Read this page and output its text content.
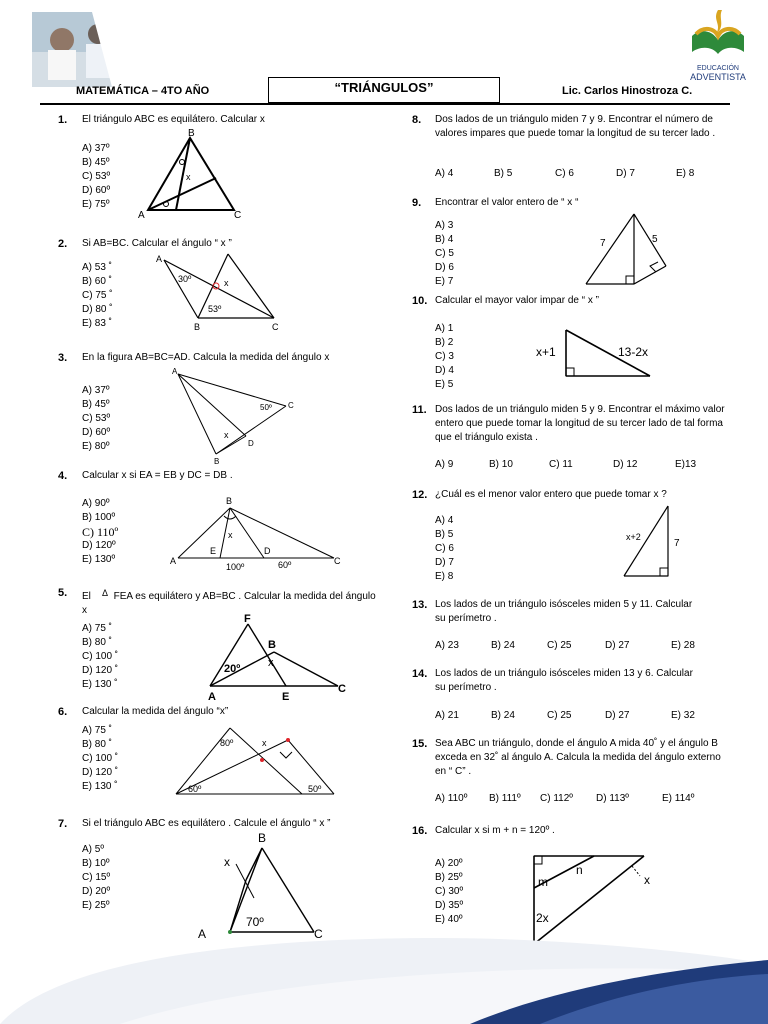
EDUCACIÓN
ADVENTISTA
MATEMÁTICA – 4TO AÑO	“TRIÁNGULOS”	Lic. Carlos Hinostroza C.
1. El triángulo ABC es equilátero. Calcular x
A) 37º
B) 45º
C) 53º
D) 60º
E) 75º
B
A	C
x
2. Si AB=BC. Calcular el ángulo “ x ”
A) 53 ˚
B) 60 ˚
C) 75 ˚
D) 80 ˚
E) 83 ˚
A
B	C
30º
53º
x
3. En la figura AB=BC=AD. Calcula la medida del ángulo x
A) 37º
B) 45º
C) 53º
D) 60º
E) 80º
A
B
C
D
50º
x
4. Calcular x si EA = EB y DC = DB .
A) 90º
B) 100º
C) 110º
D) 120º
E) 130º
B
A	C
D
E
100º	60º
x
5. El Δ FEA es equilátero y AB=BC . Calcular la medida del ángulo x
A) 75 ˚
B) 80 ˚
C) 100 ˚
D) 120 ˚
E) 130 ˚
F
B
A	E
C
20º	x
6. Calcular la medida del ángulo “x”
A) 75 ˚
B) 80 ˚
C) 100 ˚
D) 120 ˚
E) 130 ˚
80º
60º	50º
x
7. Si el triángulo ABC es equilátero . Calcule el ángulo “ x ”
A) 5º
B) 10º
C) 15º
D) 20º
E) 25º
B
A	C
70º
x
8. Dos lados de un triángulo miden 7 y 9. Encontrar el número de valores impares que puede tomar la longitud de su tercer lado .
A) 4	B) 5	C) 6	D) 7	E) 8
9. Encontrar el valor entero de “ x “
A) 3
B) 4
C) 5
D) 6
E) 7
7	5
10. Calcular el mayor valor impar de “ x ”
A) 1
B) 2
C) 3
D) 4
E) 5
x+1	13-2x
11. Dos lados de un triángulo miden 5 y 9. Encontrar el máximo valor entero que puede tomar la longitud de su tercer lado de tal forma que el triángulo exista .
A) 9	B) 10	C) 11	D) 12	E)13
12. ¿Cuál es el menor valor entero que puede tomar x ?
A) 4
B) 5
C) 6
D) 7
E) 8
x+2
7
13. Los lados de un triángulo isósceles miden 5 y 11. Calcular su perímetro .
A) 23	B) 24	C) 25	D) 27	E) 28
14. Los lados de un triángulo isósceles miden 13 y 6. Calcular su perímetro .
A) 21	B) 24	C) 25	D) 27	E) 32
15. Sea ABC un triángulo, donde el ángulo A mida 40˚ y el ángulo B exceda en 32˚ al ángulo A. Calcula la medida del ángulo externo en “ C” .
A) 110º	B) 111º	C) 112º	D) 113º	E) 114º
16. Calcular x si m + n = 120º .
A) 20º
B) 25º
C) 30º
D) 35º
E) 40º
m
n
x
2x
